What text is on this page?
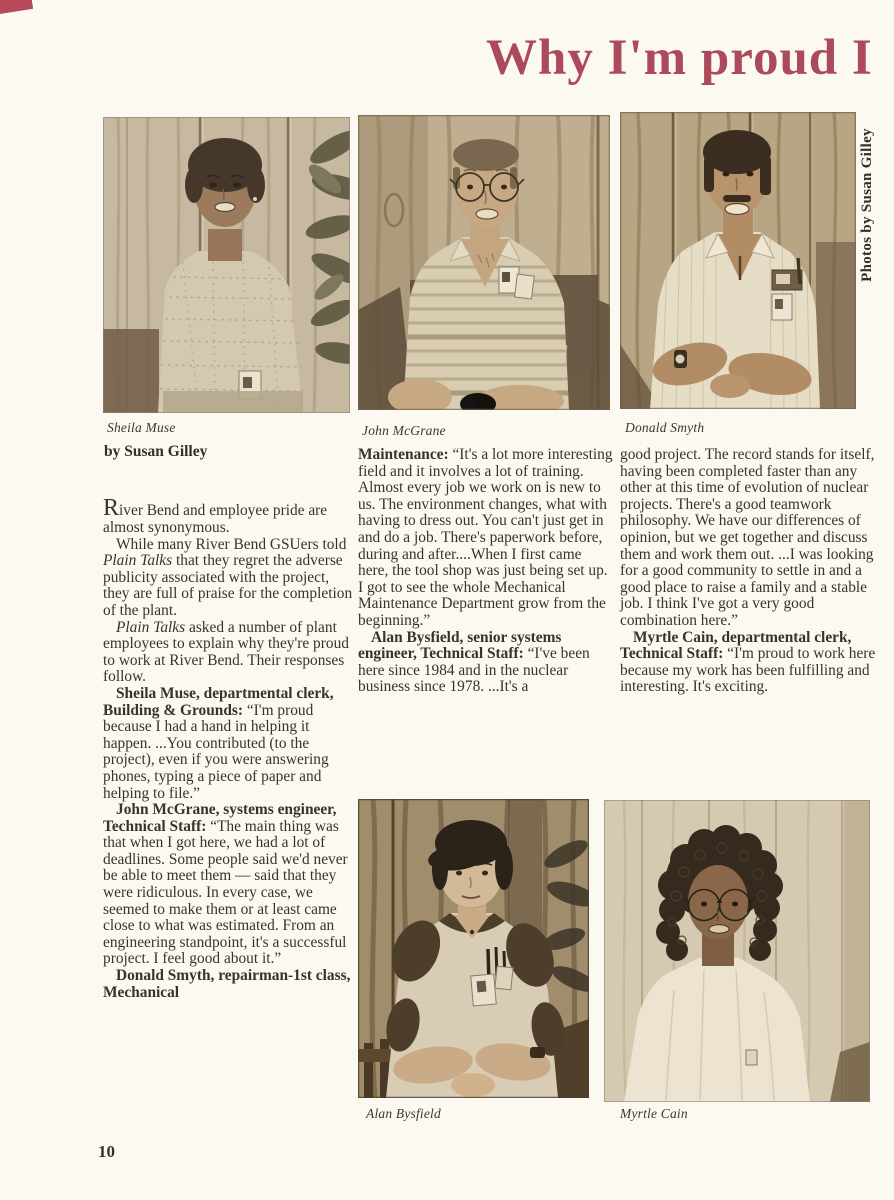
Why I'm proud I
Sheila Muse	John McGrane	Donald Smyth
Alan Bysfield	Myrtle Cain
Photos by Susan Gilley
by Susan Gilley

River Bend and employee pride are almost synonymous.

While many River Bend GSUers told Plain Talks that they regret the adverse publicity associated with the project, they are full of praise for the completion of the plant.

Plain Talks asked a number of plant employees to explain why they're proud to work at River Bend. Their responses follow.

Sheila Muse, departmental clerk, Building & Grounds: “I'm proud because I had a hand in helping it happen. ...You contributed (to the project), even if you were answering phones, typing a piece of paper and helping to file.”

John McGrane, systems engineer, Technical Staff: “The main thing was that when I got here, we had a lot of deadlines. Some people said we'd never be able to meet them — said that they were ridiculous. In every case, we seemed to make them or at least came close to what was estimated. From an engineering standpoint, it's a successful project. I feel good about it.”

Donald Smyth, repairman-1st class, Mechanical

Maintenance: “It's a lot more interesting field and it involves a lot of training. Almost every job we work on is new to us. The environment changes, what with having to dress out. You can't just get in and do a job. There's paperwork before, during and after....When I first came here, the tool shop was just being set up. I got to see the whole Mechanical Maintenance Department grow from the beginning.”

Alan Bysfield, senior systems engineer, Technical Staff: “I've been here since 1984 and in the nuclear business since 1978. ...It's a

good project. The record stands for itself, having been completed faster than any other at this time of evolution of nuclear projects. There's a good teamwork philosophy. We have our differences of opinion, but we get together and discuss them and work them out. ...I was looking for a good community to settle in and a good place to raise a family and a stable job. I think I've got a very good combination here.”

Myrtle Cain, departmental clerk, Technical Staff: “I'm proud to work here because my work has been fulfilling and interesting. It's exciting.

10
